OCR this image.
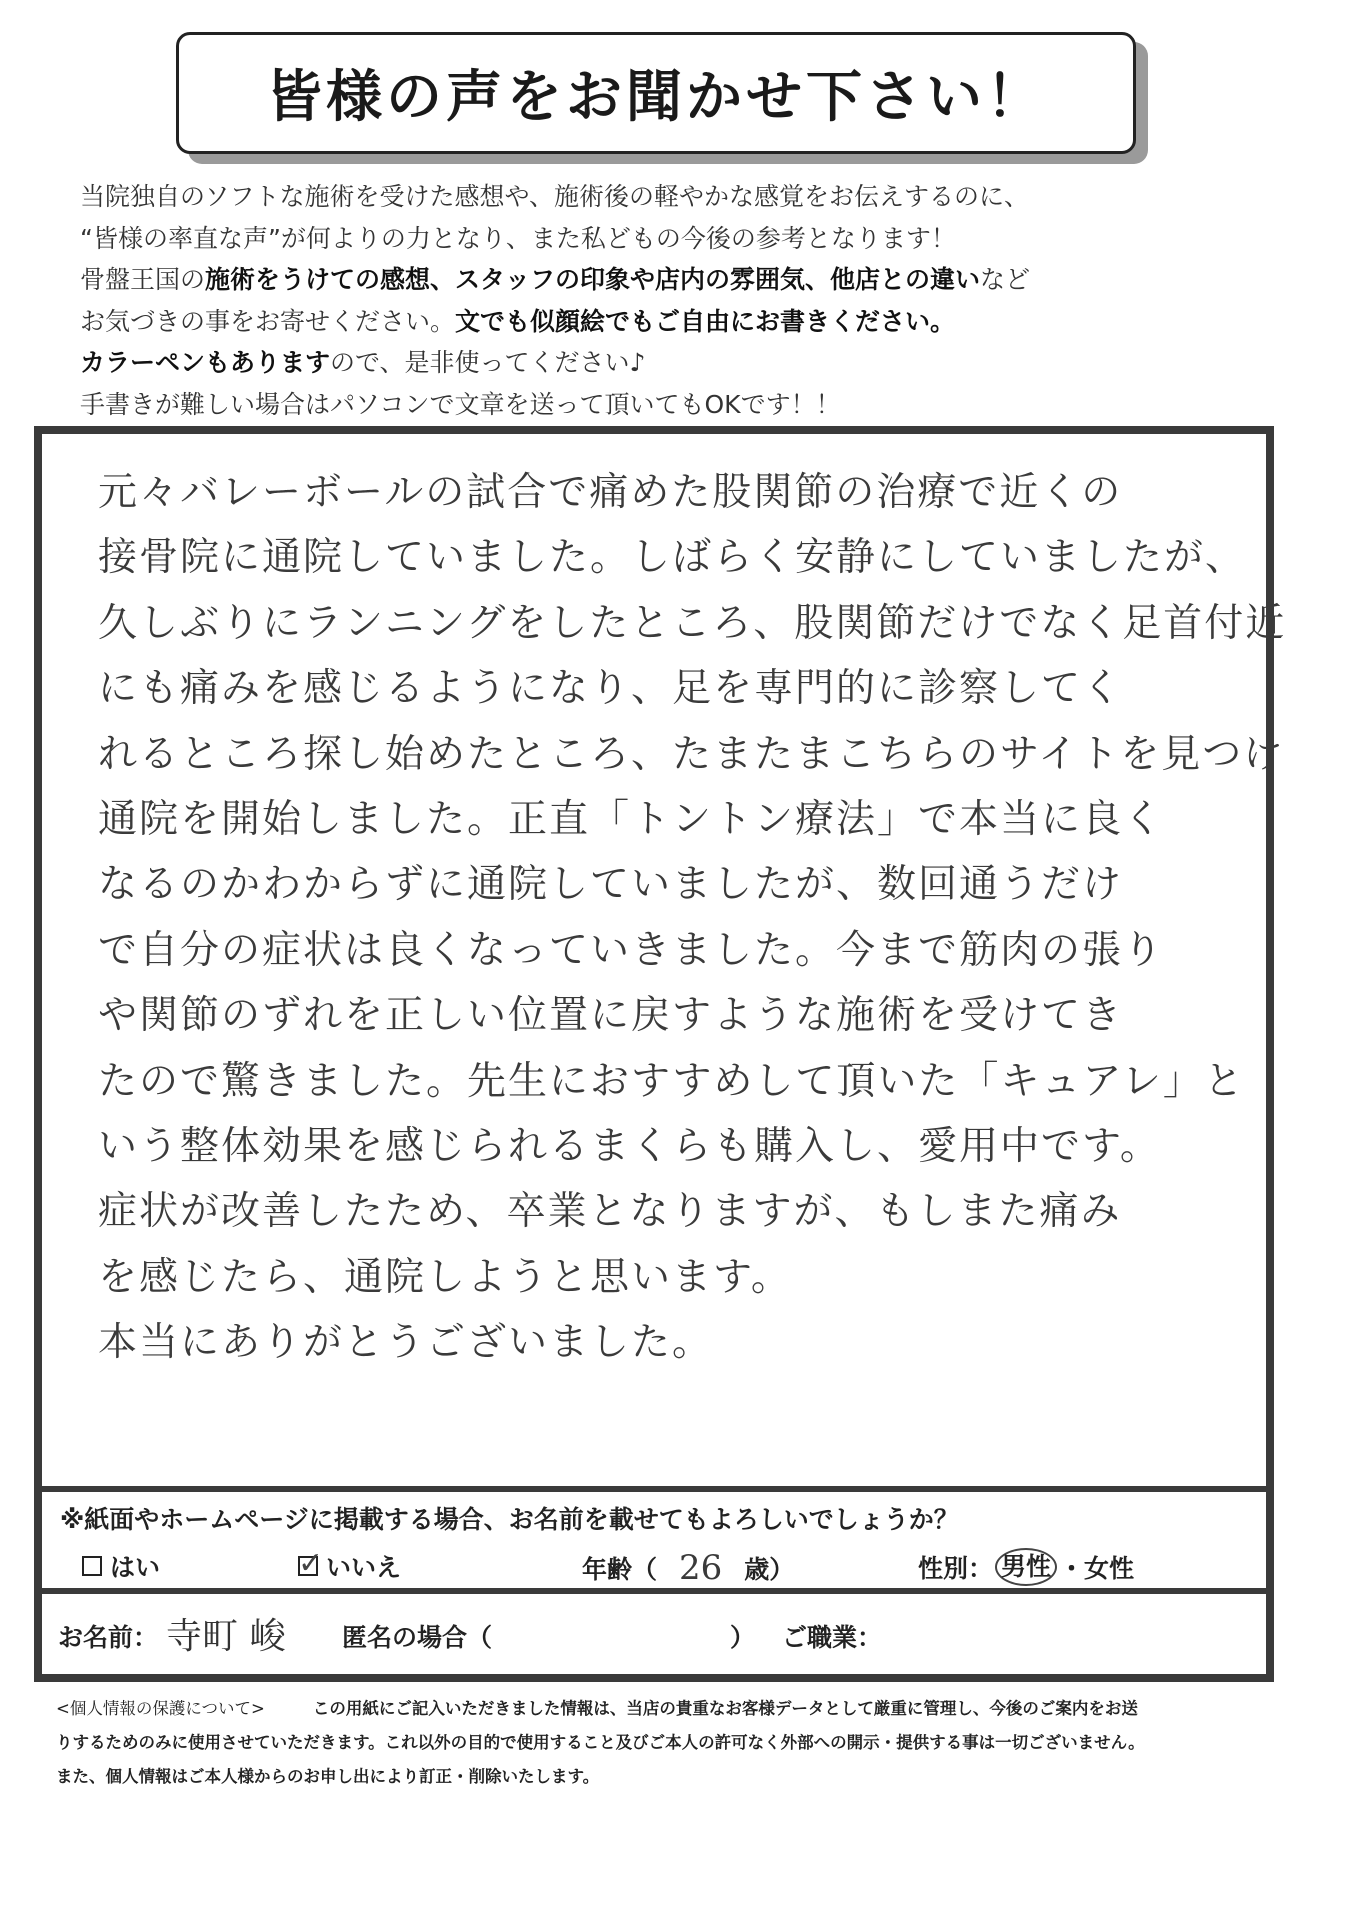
皆様の声をお聞かせ下さい！
当院独自のソフトな施術を受けた感想や、施術後の軽やかな感覚をお伝えするのに、
“皆様の率直な声”が何よりの力となり、また私どもの今後の参考となります！
骨盤王国の施術をうけての感想、スタッフの印象や店内の雰囲気、他店との違いなど
お気づきの事をお寄せください。文でも似顔絵でもご自由にお書きください。
カラーペンもありますので、是非使ってください♪
手書きが難しい場合はパソコンで文章を送って頂いてもOKです！！
元々バレーボールの試合で痛めた股関節の治療で近くの
接骨院に通院していました。しばらく安静にしていましたが、
久しぶりにランニングをしたところ、股関節だけでなく足首付近
にも痛みを感じるようになり、足を専門的に診察してく
れるところ探し始めたところ、たまたまこちらのサイトを見つけ
通院を開始しました。正直「トントン療法」で本当に良く
なるのかわからずに通院していましたが、数回通うだけ
で自分の症状は良くなっていきました。今まで筋肉の張り
や関節のずれを正しい位置に戻すような施術を受けてき
たので驚きました。先生におすすめして頂いた「キュアレ」と
いう整体効果を感じられるまくらも購入し、愛用中です。
症状が改善したため、卒業となりますが、もしまた痛み
を感じたら、通院しようと思います。
本当にありがとうございました。
※紙面やホームページに掲載する場合、お名前を載せてもよろしいでしょうか？
はい	✓ いいえ	年齢（ 26 歳）	性別： 男性 ・ 女性
お名前： 寺町 峻 匿名の場合（	） ご職業：
<個人情報の保護について>	この用紙にご記入いただきました情報は、当店の貴重なお客様データとして厳重に管理し、今後のご案内をお送
りするためのみに使用させていただきます。これ以外の目的で使用すること及びご本人の許可なく外部への開示・提供する事は一切ございません。
また、個人情報はご本人様からのお申し出により訂正・削除いたします。
